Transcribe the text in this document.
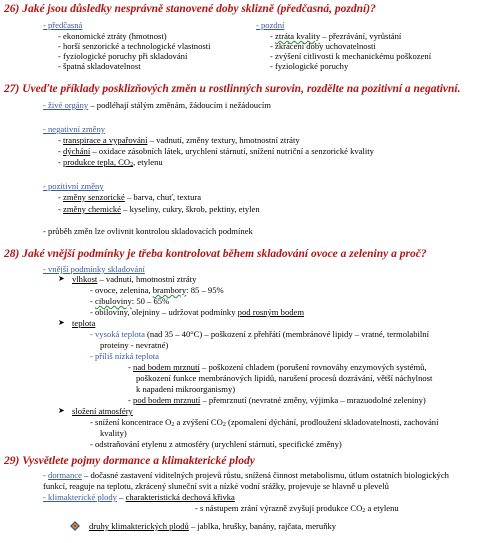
26) Jaké jsou důsledky nesprávně stanovené doby sklizně (předčasná, pozdní)?
- předčasná
- ekonomické ztráty (hmotnost)
- horší senzorické a technologické vlastnosti
- fyziologické poruchy při skladování
- špatná skladovatelnost
- pozdní
- ztráta kvality – přezrávání, vyrůstání
- zkrácení doby uchovatelnosti
- zvýšení citlivosti k mechanickému poškození
- fyziologické poruchy
27) Uveďte příklady posklizňových změn u rostlinných surovin, rozdělte na pozitivní a negativní.
- živé orgány – podléhají stálým změnám, žádoucím i nežádoucím
- negativní změny
- transpirace a vypařování – vadnutí, změny textury, hmotnostní ztráty
- dýchání – oxidace zásobních látek, urychlení stárnutí, snížení nutriční a senzorické kvality
- produkce tepla, CO2, etylenu
- pozitivní změny
- změny senzorické – barva, chuť, textura
- změny chemické – kyseliny, cukry, škrob, pektiny, etylen
- průběh změn lze ovlivnit kontrolou skladovacích podmínek
28) Jaké vnější podmínky je třeba kontrolovat během skladování ovoce a zeleniny a proč?
- vnější podmínky skladování
➤ vlhkost – vadnutí, hmotnostní ztráty
- ovoce, zelenina, brambory: 85 – 95%
- cibuloviny: 50 – 65%
- obiloviny, olejniny – udržovat podmínky pod rosným bodem
➤ teplota
- vysoká teplota (nad 35 – 40°C) – poškození z přehřátí (membránové lipidy – vratné, termolabilní
proteiny - nevratné)
- příliš nízká teplota
- nad bodem mrznutí – poškození chladem (porušení rovnováhy enzymových systémů,
poškození funkce membránových lipidů, narušení procesů dozrávání, větší náchylnost
k napadení mikroorganismy)
- pod bodem mrznutí – přemrznutí (nevratné změny, výjimka – mrazuodolné zeleniny)
➤ složení atmosféry
- snížení koncentrace O2 a zvýšení CO2 (zpomalení dýchání, prodloužení skladovatelnosti, zachování
kvality)
- odstraňování etylenu z atmosféry (urychlení stárnutí, specifické změny)
29) Vysvětlete pojmy dormance a klimakterické plody
- dormance – dočasné zastavení viditelných projevů růstu, snížená činnost metabolismu, útlum ostatních biologických
funkcí, reaguje na teplotu, zkrácený sluneční svit a nízké vodní srážky, projevuje se hlavně u plevelů
- klimakterické plody – charakteristická dechová křivka
- s nástupem zrání výrazně zvyšují produkce CO2 a etylenu
druhy klimakterických plodů – jablka, hrušky, banány, rajčata, meruňky
